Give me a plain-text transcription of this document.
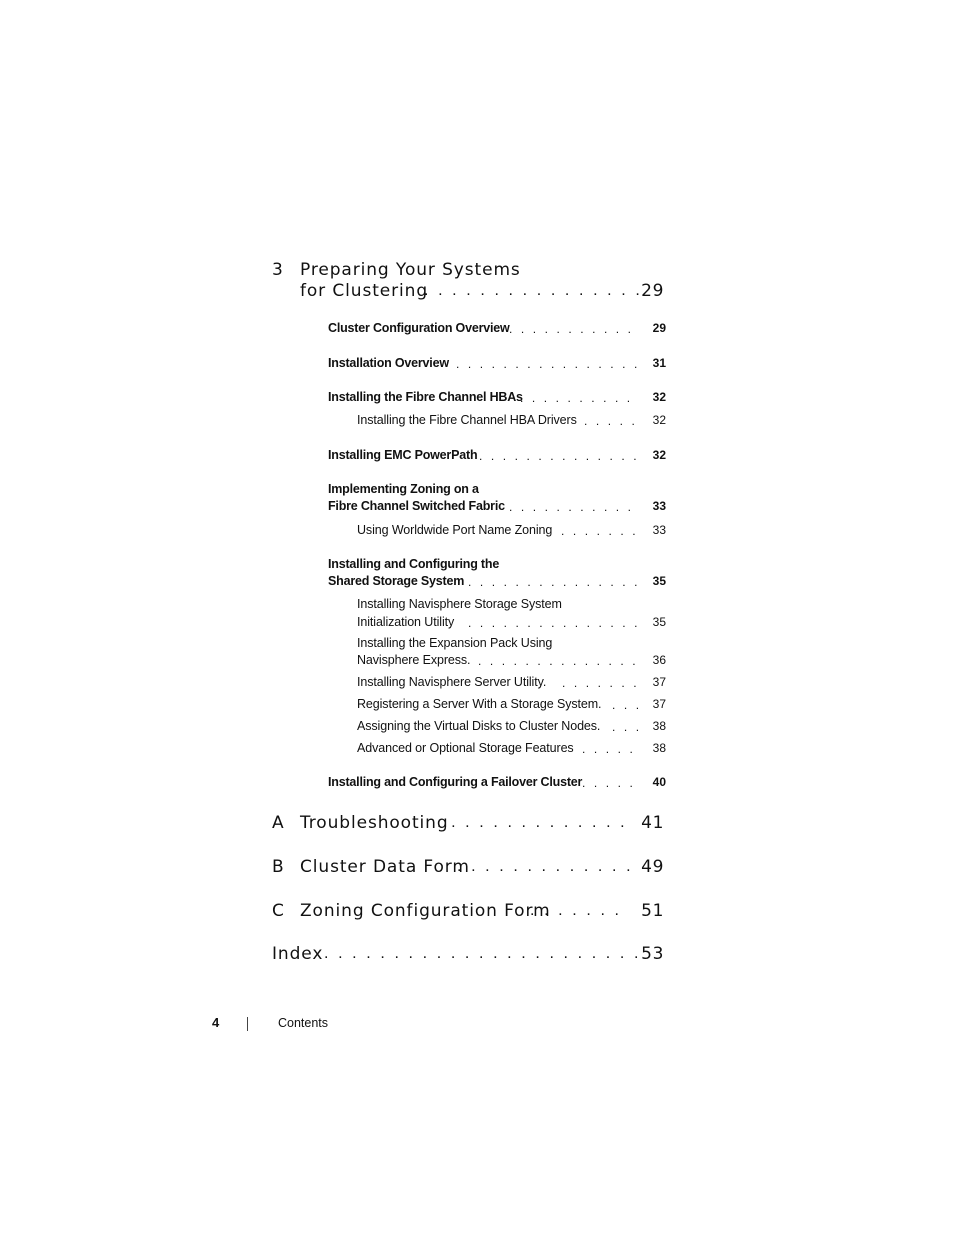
3 Preparing Your Systems
for Clustering . . .	29
Cluster Configuration Overview . . .	29
Installation Overview . . .	31
Installing the Fibre Channel HBAs . . .	32
Installing the Fibre Channel HBA Drivers . . .	32
Installing EMC PowerPath . . .	32
Implementing Zoning on a
Fibre Channel Switched Fabric . . .	33
Using Worldwide Port Name Zoning . . .	33
Installing and Configuring the
Shared Storage System . . .	35
Installing Navisphere Storage System
Initialization Utility . . .	35
Installing the Expansion Pack Using
Navisphere Express. . . .	36
Installing Navisphere Server Utility. . . .	37
Registering a Server With a Storage System. . . .	37
Assigning the Virtual Disks to Cluster Nodes. . . .	38
Advanced or Optional Storage Features . . .	38
Installing and Configuring a Failover Cluster . . .	40
A Troubleshooting . . .	41
B Cluster Data Form . . .	49
C Zoning Configuration Form . . .	51
Index . . .	53
4	Contents
